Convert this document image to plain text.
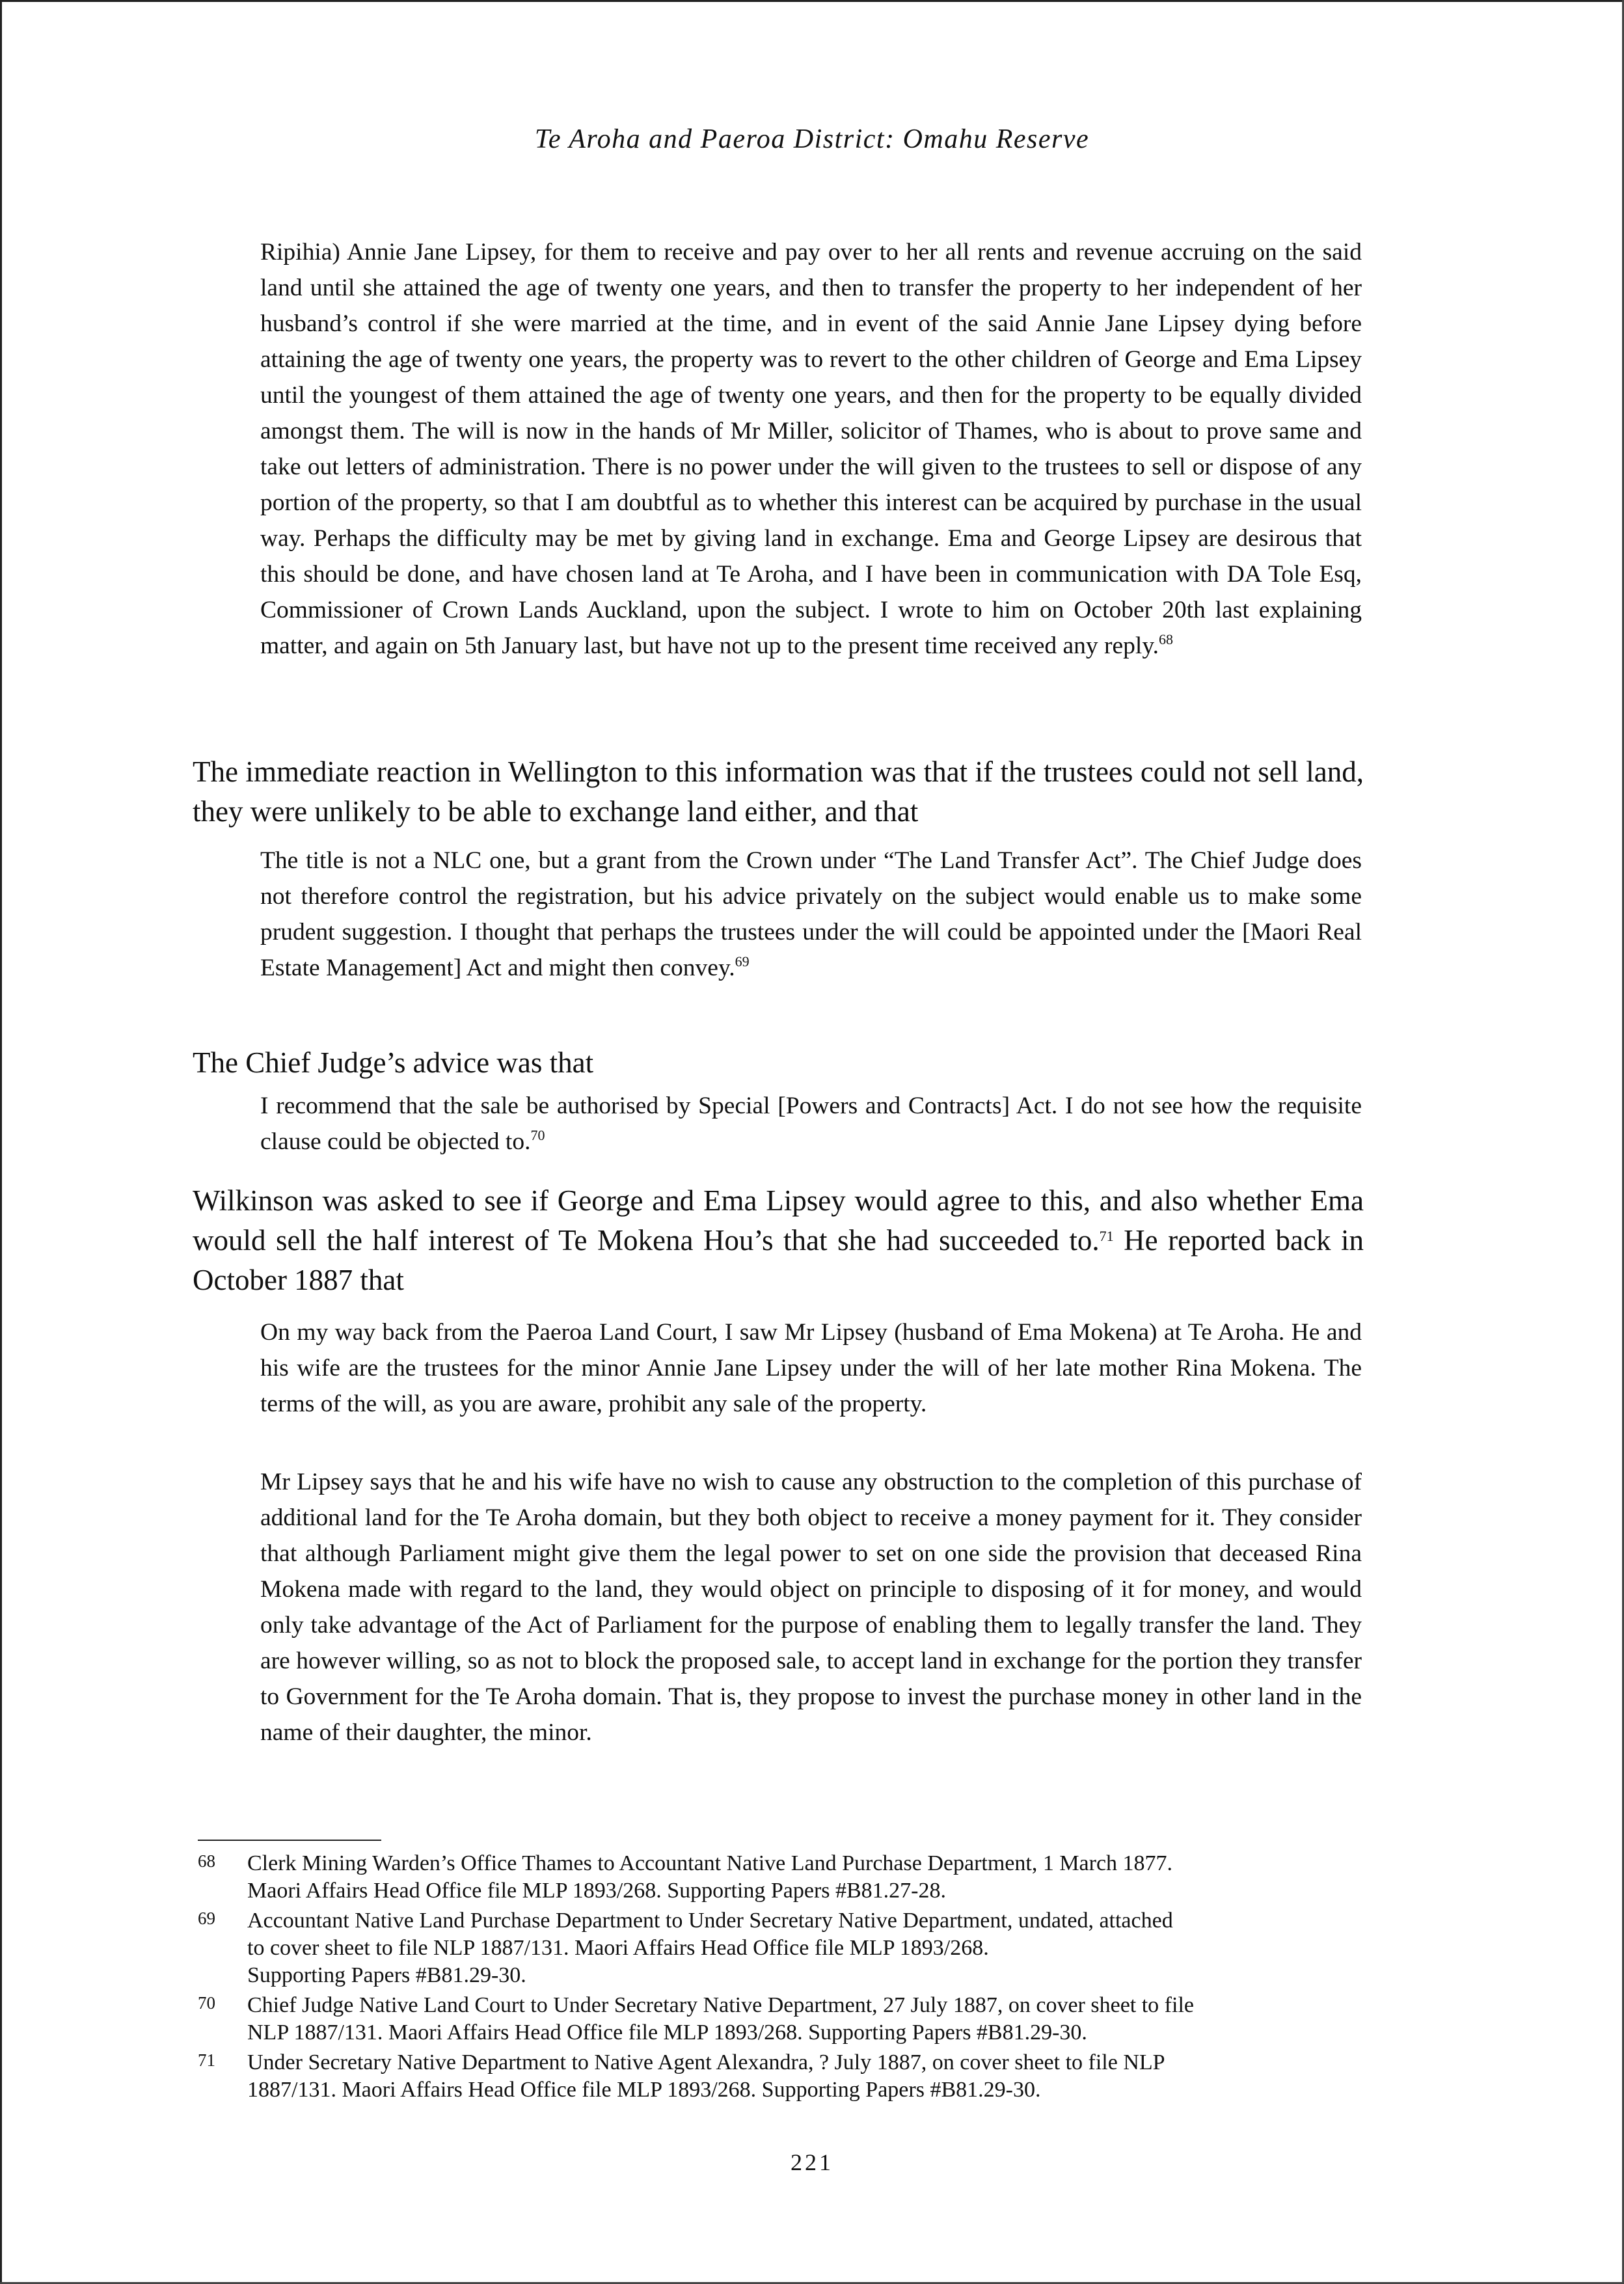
Te Aroha and Paeroa District: Omahu Reserve

Ripihia) Annie Jane Lipsey, for them to receive and pay over to her all rents and revenue accruing on the said land until she attained the age of twenty one years, and then to transfer the property to her independent of her husband’s control if she were married at the time, and in event of the said Annie Jane Lipsey dying before attaining the age of twenty one years, the property was to revert to the other children of George and Ema Lipsey until the youngest of them attained the age of twenty one years, and then for the property to be equally divided amongst them. The will is now in the hands of Mr Miller, solicitor of Thames, who is about to prove same and take out letters of administration. There is no power under the will given to the trustees to sell or dispose of any portion of the property, so that I am doubtful as to whether this interest can be acquired by purchase in the usual way. Perhaps the difficulty may be met by giving land in exchange. Ema and George Lipsey are desirous that this should be done, and have chosen land at Te Aroha, and I have been in communication with DA Tole Esq, Commissioner of Crown Lands Auckland, upon the subject. I wrote to him on October 20th last explaining matter, and again on 5th January last, but have not up to the present time received any reply.$^{68}$

The immediate reaction in Wellington to this information was that if the trustees could not sell land, they were unlikely to be able to exchange land either, and that

The title is not a NLC one, but a grant from the Crown under “The Land Transfer Act”. The Chief Judge does not therefore control the registration, but his advice privately on the subject would enable us to make some prudent suggestion. I thought that perhaps the trustees under the will could be appointed under the [Maori Real Estate Management] Act and might then convey.$^{69}$

The Chief Judge’s advice was that

I recommend that the sale be authorised by Special [Powers and Contracts] Act. I do not see how the requisite clause could be objected to.$^{70}$

Wilkinson was asked to see if George and Ema Lipsey would agree to this, and also whether Ema would sell the half interest of Te Mokena Hou’s that she had succeeded to.$^{71}$ He reported back in October 1887 that

On my way back from the Paeroa Land Court, I saw Mr Lipsey (husband of Ema Mokena) at Te Aroha. He and his wife are the trustees for the minor Annie Jane Lipsey under the will of her late mother Rina Mokena. The terms of the will, as you are aware, prohibit any sale of the property.

Mr Lipsey says that he and his wife have no wish to cause any obstruction to the completion of this purchase of additional land for the Te Aroha domain, but they both object to receive a money payment for it. They consider that although Parliament might give them the legal power to set on one side the provision that deceased Rina Mokena made with regard to the land, they would object on principle to disposing of it for money, and would only take advantage of the Act of Parliament for the purpose of enabling them to legally transfer the land. They are however willing, so as not to block the proposed sale, to accept land in exchange for the portion they transfer to Government for the Te Aroha domain. That is, they propose to invest the purchase money in other land in the name of their daughter, the minor.

68 Clerk Mining Warden’s Office Thames to Accountant Native Land Purchase Department, 1 March 1877.
Maori Affairs Head Office file MLP 1893/268. Supporting Papers #B81.27-28.
69 Accountant Native Land Purchase Department to Under Secretary Native Department, undated, attached
to cover sheet to file NLP 1887/131. Maori Affairs Head Office file MLP 1893/268.
Supporting Papers #B81.29-30.
70 Chief Judge Native Land Court to Under Secretary Native Department, 27 July 1887, on cover sheet to file
NLP 1887/131. Maori Affairs Head Office file MLP 1893/268. Supporting Papers #B81.29-30.
71 Under Secretary Native Department to Native Agent Alexandra, ? July 1887, on cover sheet to file NLP
1887/131. Maori Affairs Head Office file MLP 1893/268. Supporting Papers #B81.29-30.
221
